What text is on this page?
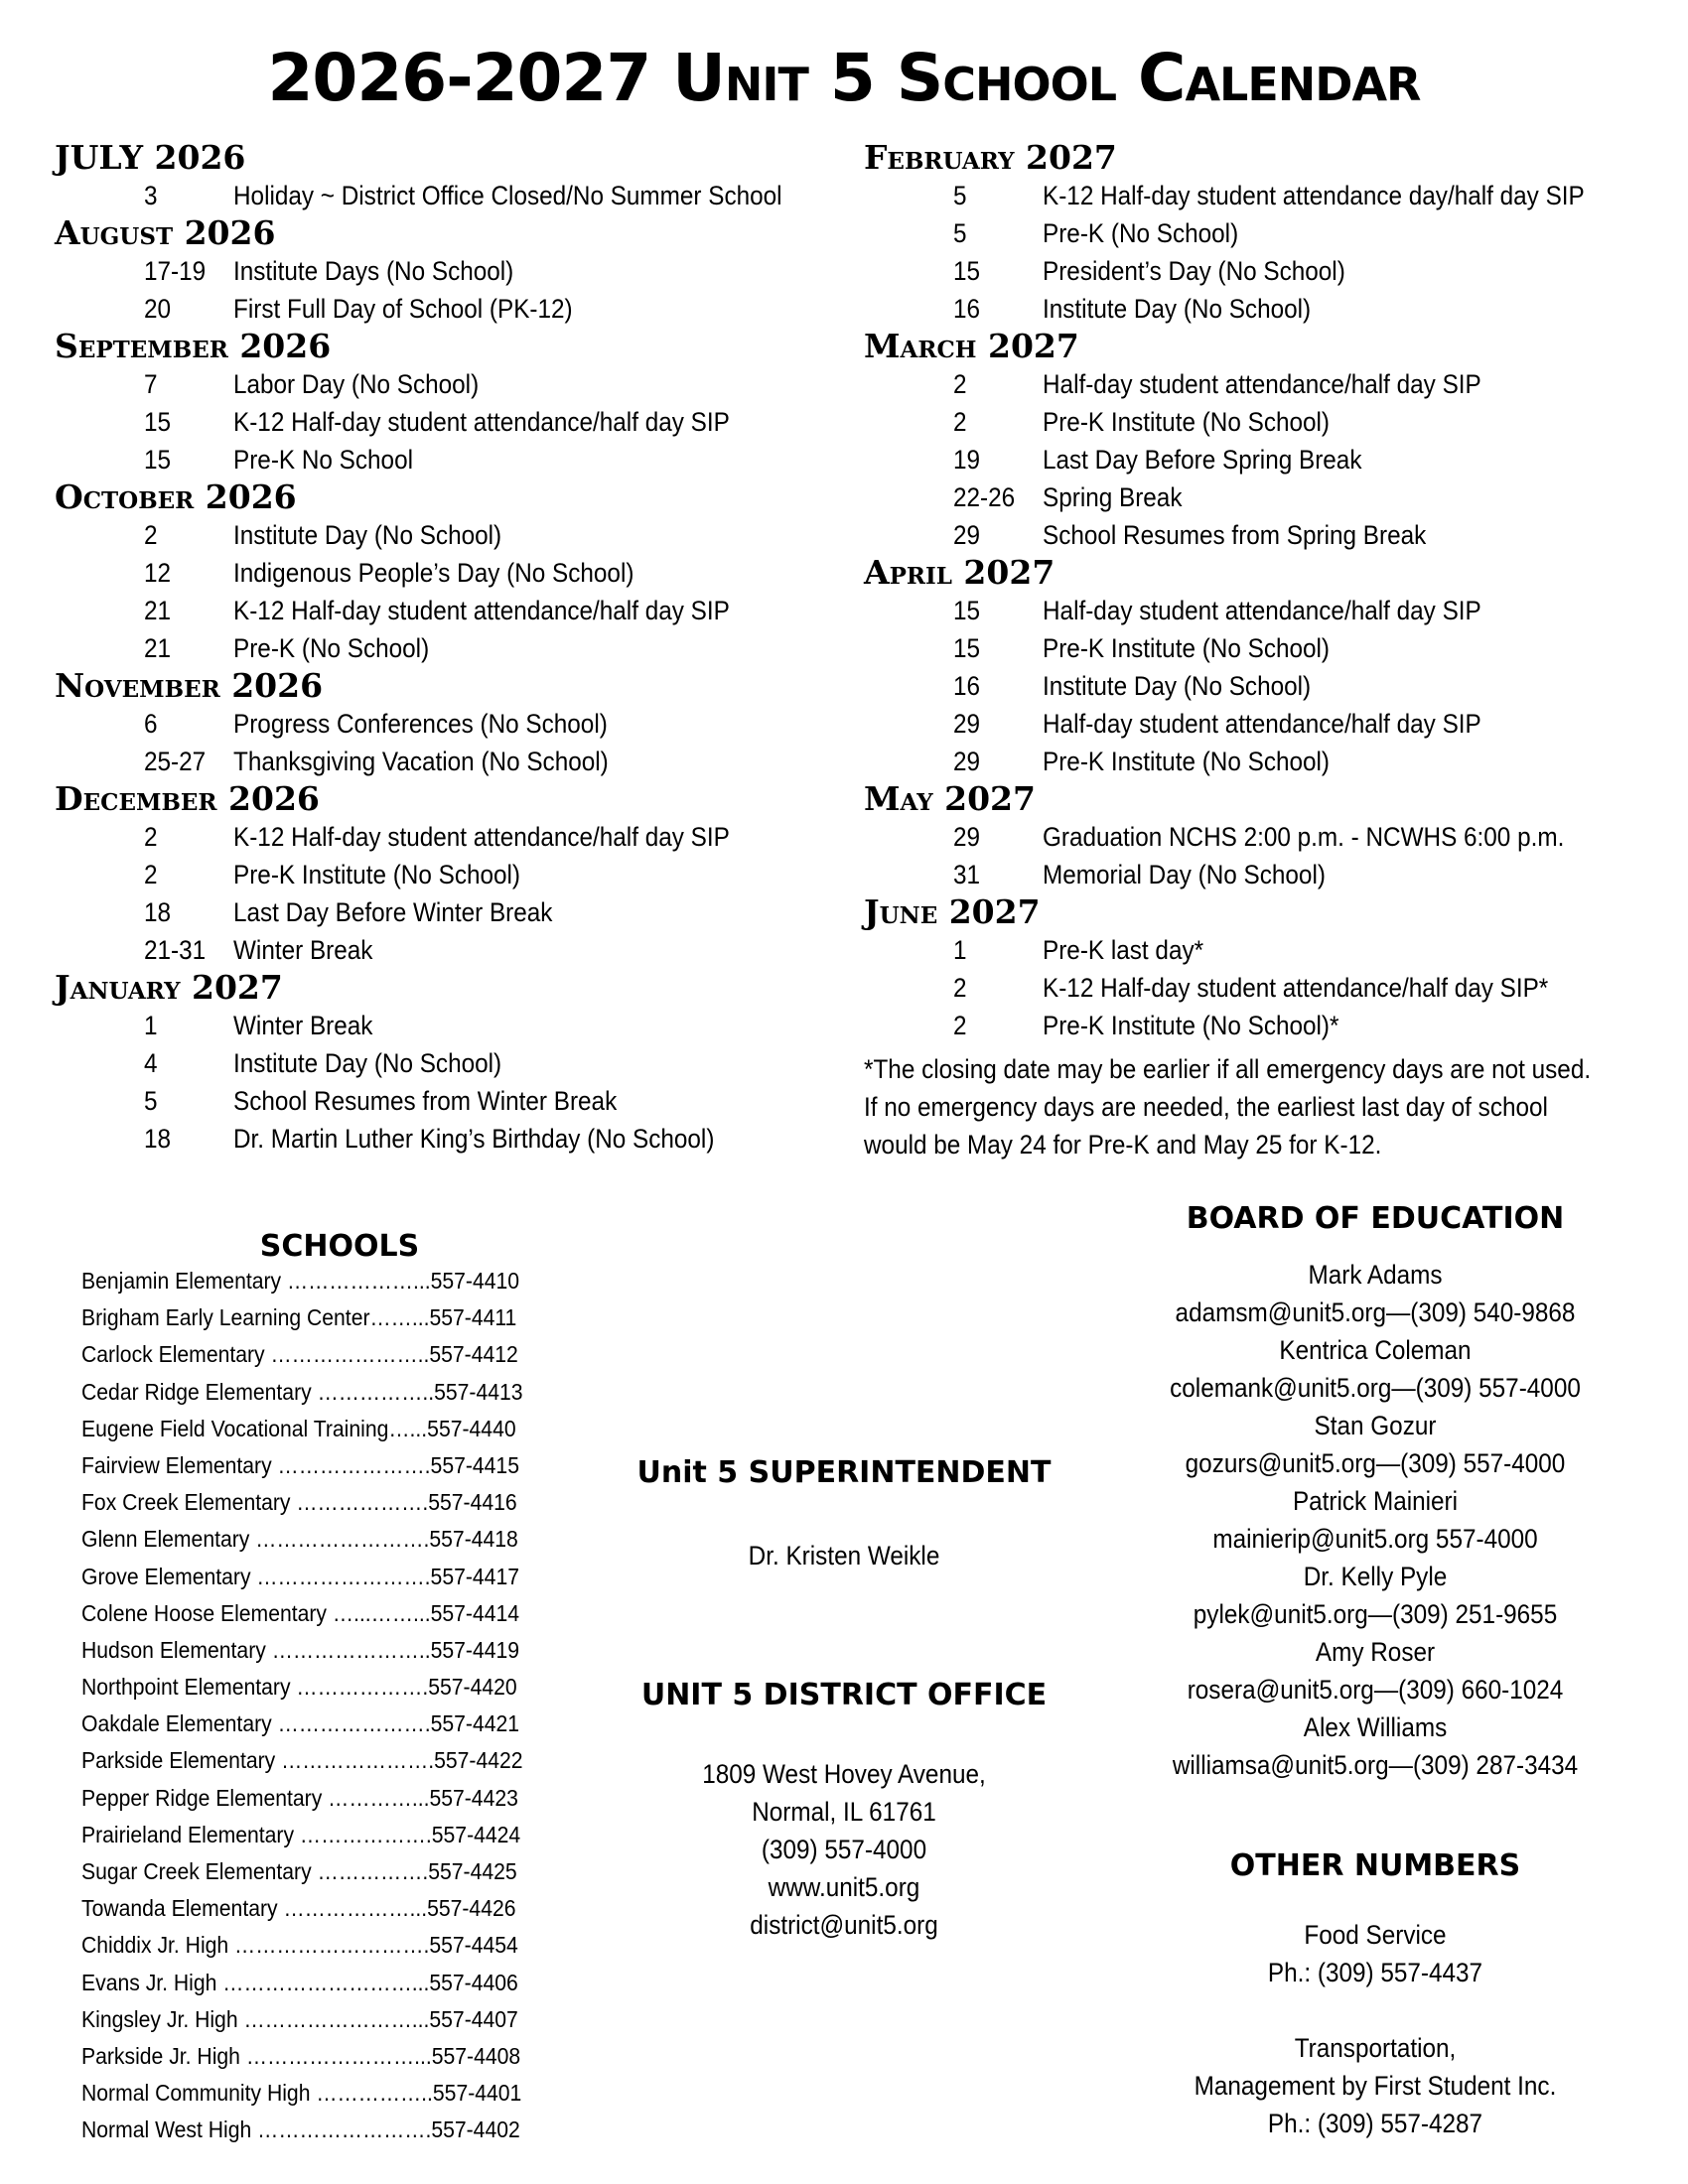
2026-2027 Unit 5 School Calendar
JULY 2026
3	Holiday ~ District Office Closed/No Summer School
August 2026
17-19	Institute Days (No School)
20	First Full Day of School (PK-12)
September 2026
7	Labor Day (No School)
15	K-12 Half-day student attendance/half day SIP
15	Pre-K No School
October 2026
2	Institute Day (No School)
12	Indigenous People’s Day (No School)
21	K-12 Half-day student attendance/half day SIP
21	Pre-K (No School)
November 2026
6	Progress Conferences (No School)
25-27	Thanksgiving Vacation (No School)
December 2026
2	K-12 Half-day student attendance/half day SIP
2	Pre-K Institute (No School)
18	Last Day Before Winter Break
21-31	Winter Break
January 2027
1	Winter Break
4	Institute Day (No School)
5	School Resumes from Winter Break
18	Dr. Martin Luther King’s Birthday (No School)
February 2027
5	K-12 Half-day student attendance day/half day SIP
5	Pre-K (No School)
15	President’s Day (No School)
16	Institute Day (No School)
March 2027
2	Half-day student attendance/half day SIP
2	Pre-K Institute (No School)
19	Last Day Before Spring Break
22-26	Spring Break
29	School Resumes from Spring Break
April 2027
15	Half-day student attendance/half day SIP
15	Pre-K Institute (No School)
16	Institute Day (No School)
29	Half-day student attendance/half day SIP
29	Pre-K Institute (No School)
May 2027
29	Graduation NCHS 2:00 p.m. - NCWHS 6:00 p.m.
31	Memorial Day (No School)
June 2027
1	Pre-K last day*
2	K-12 Half-day student attendance/half day SIP*
2	Pre-K Institute (No School)*
*The closing date may be earlier if all emergency days are not used.
If no emergency days are needed, the earliest last day of school
would be May 24 for Pre-K and May 25 for K-12.
SCHOOLS
Benjamin Elementary ………………...557-4410
Brigham Early Learning Center……...557-4411
Carlock Elementary …………………..557-4412
Cedar Ridge Elementary ……………..557-4413
Eugene Field Vocational Training…...557-4440
Fairview Elementary ………………….557-4415
Fox Creek Elementary ……………….557-4416
Glenn Elementary …………………….557-4418
Grove Elementary …………………….557-4417
Colene Hoose Elementary …...……...557-4414
Hudson Elementary …………………..557-4419
Northpoint Elementary ……………….557-4420
Oakdale Elementary ………………….557-4421
Parkside Elementary ………………….557-4422
Pepper Ridge Elementary …………...557-4423
Prairieland Elementary ……………….557-4424
Sugar Creek Elementary …………….557-4425
Towanda Elementary ………………...557-4426
Chiddix Jr. High ……………………….557-4454
Evans Jr. High ………………………...557-4406
Kingsley Jr. High ……………………...557-4407
Parkside Jr. High ……………………...557-4408
Normal Community High ……………..557-4401
Normal West High …………………….557-4402
Unit 5 SUPERINTENDENT
Dr. Kristen Weikle
UNIT 5 DISTRICT OFFICE
1809 West Hovey Avenue,
Normal, IL 61761
(309) 557-4000
www.unit5.org
district@unit5.org
BOARD OF EDUCATION
Mark Adams
adamsm@unit5.org—(309) 540-9868
Kentrica Coleman
colemank@unit5.org—(309) 557-4000
Stan Gozur
gozurs@unit5.org—(309) 557-4000
Patrick Mainieri
mainierip@unit5.org 557-4000
Dr. Kelly Pyle
pylek@unit5.org—(309) 251-9655
Amy Roser
rosera@unit5.org—(309) 660-1024
Alex Williams
williamsa@unit5.org—(309) 287-3434
OTHER NUMBERS
Food Service
Ph.: (309) 557-4437
Transportation,
Management by First Student Inc.
Ph.: (309) 557-4287
